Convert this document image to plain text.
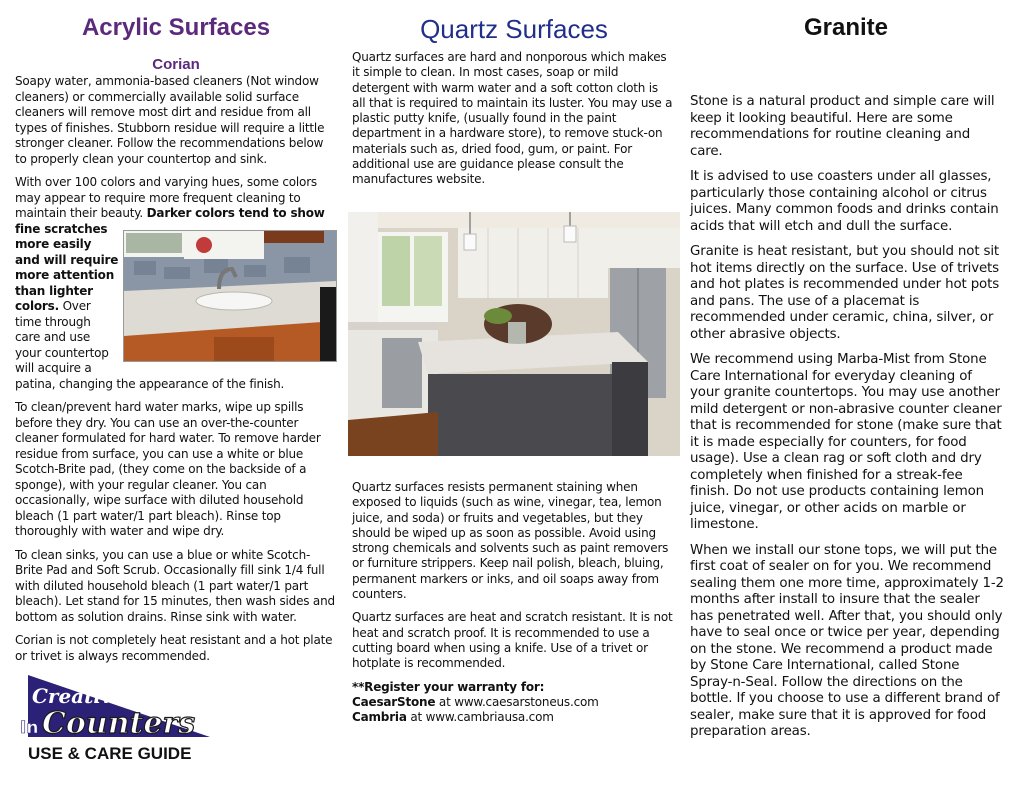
Acrylic Surfaces
Corian

Soapy water, ammonia-based cleaners (Not window cleaners) or commercially available solid surface cleaners will remove most dirt and residue from all types of finishes. Stubborn residue will require a little stronger cleaner. Follow the recommendations below to properly clean your countertop and sink.

With over 100 colors and varying hues, some colors may appear to require more frequent cleaning to maintain their beauty. Darker colors tend to show fine scratches more easily and will require more attention than lighter colors. Over time through care and use your countertop will acquire a patina, changing the appearance of the finish.

To clean/prevent hard water marks, wipe up spills before they dry. You can use an over-the-counter cleaner formulated for hard water. To remove harder residue from surface, you can use a white or blue Scotch-Brite pad, (they come on the backside of a sponge), with your regular cleaner. You can occasionally, wipe surface with diluted household bleach (1 part water/1 part bleach). Rinse top thoroughly with water and wipe dry.

To clean sinks, you can use a blue or white Scotch-Brite Pad and Soft Scrub. Occasionally fill sink 1/4 full with diluted household bleach (1 part water/1 part bleach). Let stand for 15 minutes, then wash sides and bottom as solution drains. Rinse sink with water.

Corian is not completely heat resistant and a hot plate or trivet is always recommended.

Creative
In Counters
USE & CARE GUIDE
Quartz Surfaces

Quartz surfaces are hard and nonporous which makes it simple to clean. In most cases, soap or mild detergent with warm water and a soft cotton cloth is all that is required to maintain its luster. You may use a plastic putty knife, (usually found in the paint department in a hardware store), to remove stuck-on materials such as, dried food, gum, or paint. For additional use are guidance please consult the manufactures website.

Quartz surfaces resists permanent staining when exposed to liquids (such as wine, vinegar, tea, lemon juice, and soda) or fruits and vegetables, but they should be wiped up as soon as possible. Avoid using strong chemicals and solvents such as paint removers or furniture strippers. Keep nail polish, bleach, bluing, permanent markers or inks, and oil soaps away from counters.

Quartz surfaces are heat and scratch resistant. It is not heat and scratch proof. It is recommended to use a cutting board when using a knife. Use of a trivet or hotplate is recommended.

**Register your warranty for:

CaesarStone at www.caesarstoneus.com

Cambria at www.cambriausa.com

Granite

Stone is a natural product and simple care will keep it looking beautiful. Here are some recommendations for routine cleaning and care.

It is advised to use coasters under all glasses, particularly those containing alcohol or citrus juices. Many common foods and drinks contain acids that will etch and dull the surface.

Granite is heat resistant, but you should not sit hot items directly on the surface. Use of trivets and hot plates is recommended under hot pots and pans. The use of a placemat is recommended under ceramic, china, silver, or other abrasive objects.

We recommend using Marba-Mist from Stone Care International for everyday cleaning of your granite countertops. You may use another mild detergent or non-abrasive counter cleaner that is recommended for stone (make sure that it is made especially for counters, for food usage). Use a clean rag or soft cloth and dry completely when finished for a streak-fee finish. Do not use products containing lemon juice, vinegar, or other acids on marble or limestone.

When we install our stone tops, we will put the first coat of sealer on for you. We recommend sealing them one more time, approximately 1-2 months after install to insure that the sealer has penetrated well. After that, you should only have to seal once or twice per year, depending on the stone. We recommend a product made by Stone Care International, called Stone Spray-n-Seal. Follow the directions on the bottle. If you choose to use a different brand of sealer, make sure that it is approved for food preparation areas.
